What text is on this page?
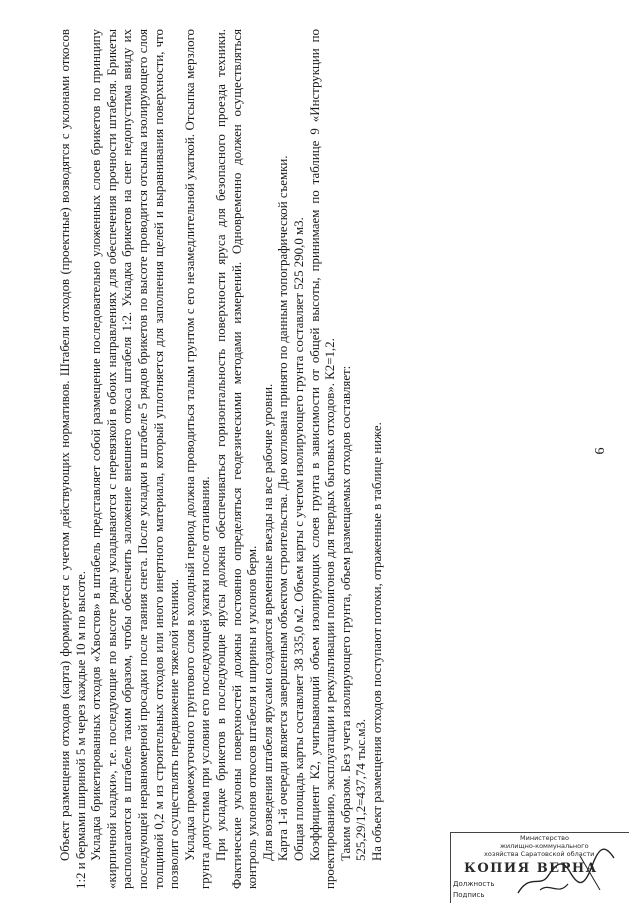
6

Объект размещения отходов (карта) формируется с учетом действующих нормативов. Штабели отходов (проектные) возводятся с уклонами откосов 1:2 и бермами шириной 5 м через каждые 10 м по высоте. Укладка брикетированных отходов «Хвостов» в штабель представляет собой размещение последовательно уложенных слоев брикетов по принципу «кирпичной кладки», т.е. последующие по высоте ряды укладываются с перевязкой в обоих направлениях для обеспечения прочности штабеля. Брикеты располагаются в штабеле таким образом, чтобы обеспечить заложение внешнего откоса штабеля 1:2. Укладка брикетов на снег недопустима ввиду их последующей неравномерной просадки после таяния снега. После укладки в штабеле 5 рядов брикетов по высоте проводится отсыпка изолирующего слоя толщиной 0,2 м из строительных отходов или иного инертного материала, который уплотняется для заполнения щелей и выравнивания поверхности, что позволит осуществлять передвижение тяжелой техники. Укладка промежуточного грунтового слоя в холодный период должна проводиться талым грунтом с его незамедлительной укаткой. Отсыпка мерзлого грунта допустима при условии его последующей укатки после оттаивания. При укладке брикетов в последующие ярусы должна обеспечиваться горизонтальность поверхности яруса для безопасного проезда техники. Фактические уклоны поверхностей должны постоянно определяться геодезическими методами измерений. Одновременно должен осуществляться контроль уклонов откосов штабеля и ширины и уклонов берм. Для возведения штабеля ярусами создаются временные въезды на все рабочие уровни. Карта 1-й очереди является завершенным объектом строительства. Дно котлована принято по данным топографической съемки. Общая площадь карты составляет 38 335,0 м2. Объем карты с учетом изолирующего грунта составляет 525 290,0 м3. Коэффициент К2, учитывающий объем изолирующих слоев грунта в зависимости от общей высоты, принимаем по таблице 9 «Инструкции по проектированию, эксплуатации и рекультивации полигонов для твердых бытовых отходов». К2=1,2. Таким образом. Без учета изолирующего грунта, объем размещаемых отходов составляет: 525,29/1,2=437,74 тыс.м3. На объект размещения отходов поступают потоки, отраженные в таблице ниже.	Министерство
жилищно-коммунального
хозяйства Саратовской области
КОПИЯ ВЕРНА
Должность
Подпись
